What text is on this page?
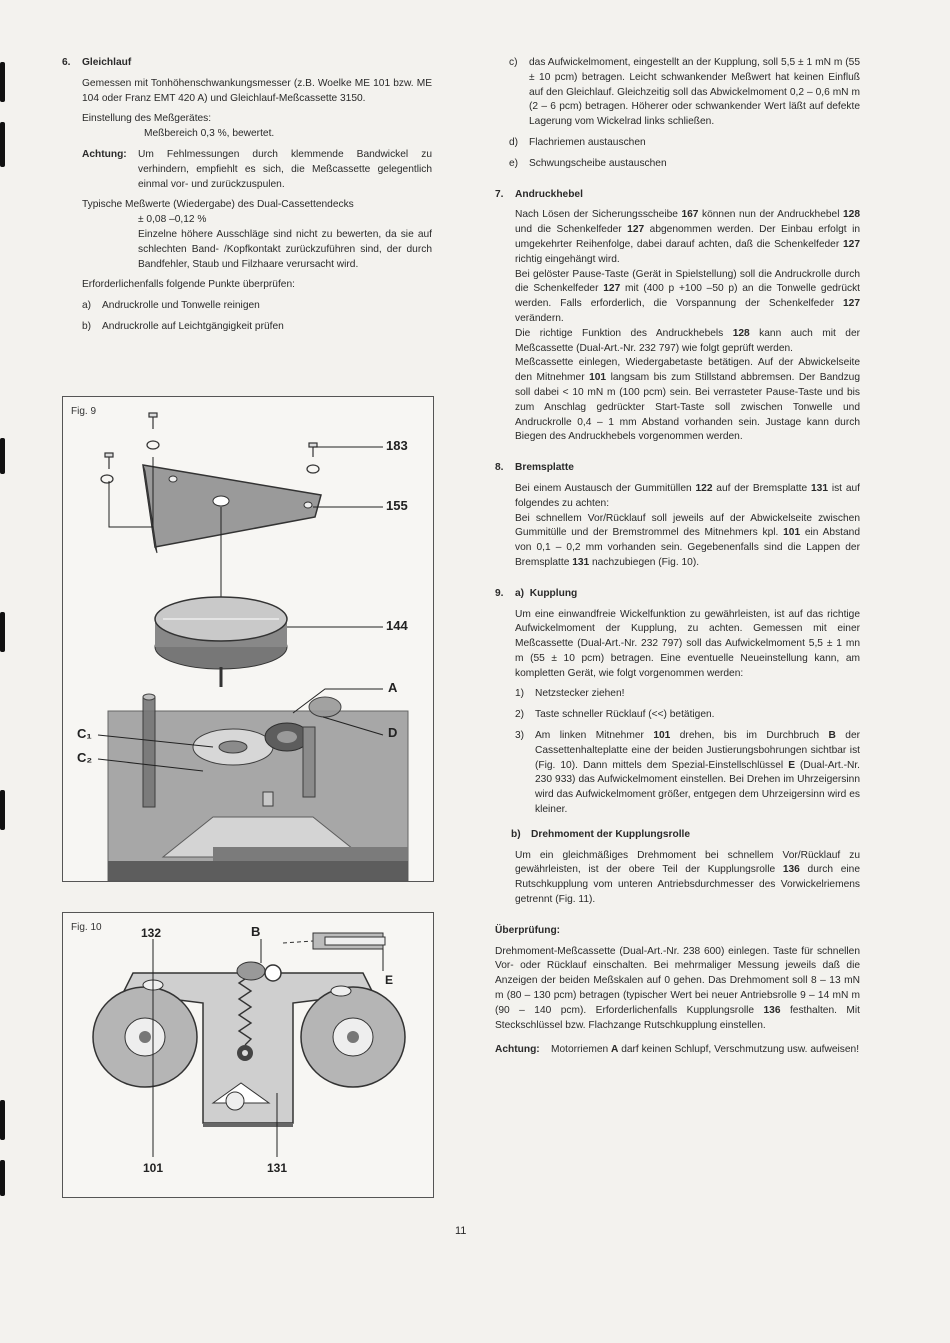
6.	Gleichlauf

Gemessen mit Tonhöhenschwankungsmesser (z.B. Woelke ME 101 bzw. ME 104 oder Franz EMT 420 A) und Gleichlauf-Meßcassette 3150.

Einstellung des Meßgerätes:

Meßbereich 0,3 %, bewertet.

Achtung:	Um Fehlmessungen durch klemmende Bandwickel zu verhindern, empfiehlt es sich, die Meßcassette gelegentlich einmal vor- und zurückzuspulen.

Typische Meßwerte (Wiedergabe) des Dual-Cassettendecks

± 0,08 –0,12 %

Einzelne höhere Ausschläge sind nicht zu bewerten, da sie auf schlechten Band- /Kopfkontakt zurückzuführen sind, der durch Bandfehler, Staub und Filzhaare verursacht wird.

Erforderlichenfalls folgende Punkte überprüfen:

a)	Andruckrolle und Tonwelle reinigen
b)	Andruckrolle auf Leichtgängigkeit prüfen
Fig. 9
183
155
144
A
D
C₁
C₂
Fig. 10	132	B
E
101	131
c)	das Aufwickelmoment, eingestellt an der Kupplung, soll 5,5 ± 1 mN m (55 ± 10 pcm) betragen. Leicht schwankender Meßwert hat keinen Einfluß auf den Gleichlauf. Gleichzeitig soll das Abwickelmoment 0,2 – 0,6 mN m (2 – 6 pcm) betragen. Höherer oder schwankender Wert läßt auf defekte Lagerung vom Wickelrad links schließen.

d)	Flachriemen austauschen

e)	Schwungscheibe austauschen

7.	Andruckhebel

Nach Lösen der Sicherungsscheibe 167 können nun der Andruckhebel 128 und die Schenkelfeder 127 abgenommen werden. Der Einbau erfolgt in umgekehrter Reihenfolge, dabei darauf achten, daß die Schenkelfeder 127 richtig eingehängt wird.

Bei gelöster Pause-Taste (Gerät in Spielstellung) soll die Andruckrolle durch die Schenkelfeder 127 mit (400 p +100 –50 p) an die Tonwelle gedrückt werden. Falls erforderlich, die Vorspannung der Schenkelfeder 127 verändern.

Die richtige Funktion des Andruckhebels 128 kann auch mit der Meßcassette (Dual-Art.-Nr. 232 797) wie folgt geprüft werden.

Meßcassette einlegen, Wiedergabetaste betätigen. Auf der Abwickelseite den Mitnehmer 101 langsam bis zum Stillstand abbremsen. Der Bandzug soll dabei < 10 mN m (100 pcm) sein. Bei verrasteter Pause-Taste und bis zum Anschlag gedrückter Start-Taste soll zwischen Tonwelle und Andruckrolle 0,4 – 1 mm Abstand vorhanden sein. Justage kann durch Biegen des Andruckhebels vorgenommen werden.

8.	Bremsplatte

Bei einem Austausch der Gummitüllen 122 auf der Bremsplatte 131 ist auf folgendes zu achten:

Bei schnellem Vor/Rücklauf soll jeweils auf der Abwickelseite zwischen Gummitülle und der Bremstrommel des Mitnehmers kpl. 101 ein Abstand von 0,1 – 0,2 mm vorhanden sein. Gegebenenfalls sind die Lappen der Bremsplatte 131 nachzubiegen (Fig. 10).

9.	a) Kupplung

Um eine einwandfreie Wickelfunktion zu gewährleisten, ist auf das richtige Aufwickelmoment der Kupplung, zu achten. Gemessen mit einer Meßcassette (Dual-Art.-Nr. 232 797) soll das Aufwickelmoment 5,5 ± 1 mn m (55 ± 10 pcm) betragen. Eine eventuelle Neueinstellung kann, am kompletten Gerät, wie folgt vorgenommen werden:

1)	Netzstecker ziehen!

2)	Taste schneller Rücklauf (<<) betätigen.

3)	Am linken Mitnehmer 101 drehen, bis im Durchbruch B der Cassettenhalteplatte eine der beiden Justierungsbohrungen sichtbar ist (Fig. 10). Dann mittels dem Spezial-Einstellschlüssel E (Dual-Art.-Nr. 230 933) das Aufwickelmoment einstellen. Bei Drehen im Uhrzeigersinn wird das Aufwickelmoment größer, entgegen dem Uhrzeigersinn wird es kleiner.

b)	Drehmoment der Kupplungsrolle

Um ein gleichmäßiges Drehmoment bei schnellem Vor/Rücklauf zu gewährleisten, ist der obere Teil der Kupplungsrolle 136 durch eine Rutschkupplung vom unteren Antriebsdurchmesser des Vorwickelriemens getrennt (Fig. 11).

Überprüfung:

Drehmoment-Meßcassette (Dual-Art.-Nr. 238 600) einlegen. Taste für schnellen Vor- oder Rücklauf einschalten. Bei mehrmaliger Messung jeweils daß die Anzeigen der beiden Meßskalen auf 0 gehen. Das Drehmoment soll 8 – 13 mN m (80 – 130 pcm) betragen (typischer Wert bei neuer Antriebsrolle 9 – 14 mN m (90 – 140 pcm). Erforderlichenfalls Kupplungsrolle 136 festhalten. Mit Steckschlüssel bzw. Flachzange Rutschkupplung einstellen.

Achtung:	Motorriemen A darf keinen Schlupf, Verschmutzung usw. aufweisen!

11
